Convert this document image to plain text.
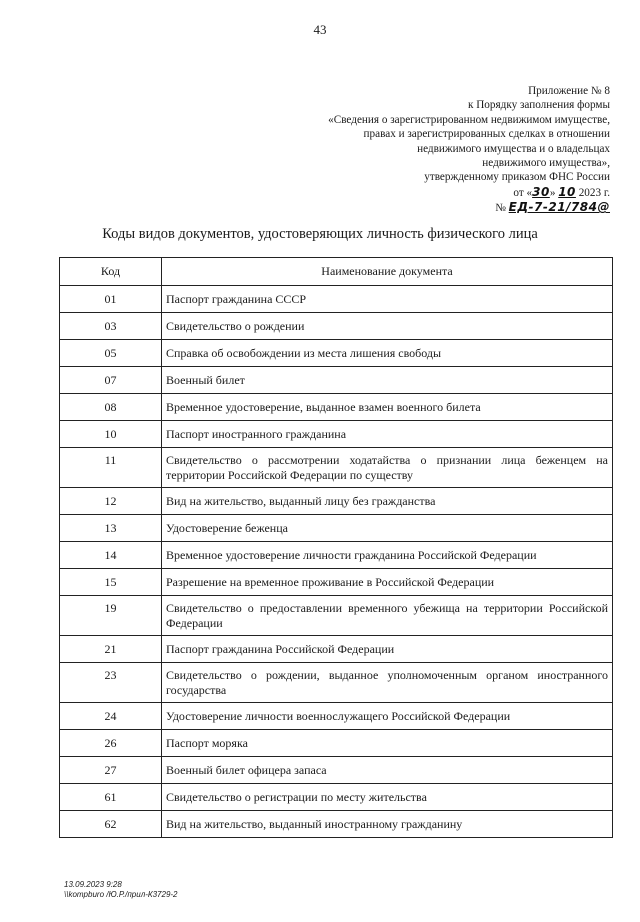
43
Приложение № 8
к Порядку заполнения формы
«Сведения о зарегистрированном недвижимом имуществе,
правах и зарегистрированных сделках в отношении
недвижимого имущества и о владельцах
недвижимого имущества»,
утвержденному приказом ФНС России
от «30» 10 2023 г.
№ ЕД-7-21/784@
Коды видов документов, удостоверяющих личность физического лица
Код	Наименование документа
01	Паспорт гражданина СССР
03	Свидетельство о рождении
05	Справка об освобождении из места лишения свободы
07	Военный билет
08	Временное удостоверение, выданное взамен военного билета
10	Паспорт иностранного гражданина
11	Свидетельство о рассмотрении ходатайства о признании лица беженцем на территории Российской Федерации по существу
12	Вид на жительство, выданный лицу без гражданства
13	Удостоверение беженца
14	Временное удостоверение личности гражданина Российской Федерации
15	Разрешение на временное проживание в Российской Федерации
19	Свидетельство о предоставлении временного убежища на территории Российской Федерации
21	Паспорт гражданина Российской Федерации
23	Свидетельство о рождении, выданное уполномоченным органом иностранного государства
24	Удостоверение личности военнослужащего Российской Федерации
26	Паспорт моряка
27	Военный билет офицера запаса
61	Свидетельство о регистрации по месту жительства
62	Вид на жительство, выданный иностранному гражданину
13.09.2023 9:28
\\kompburo /Ю.Р./прил-К3729-2
